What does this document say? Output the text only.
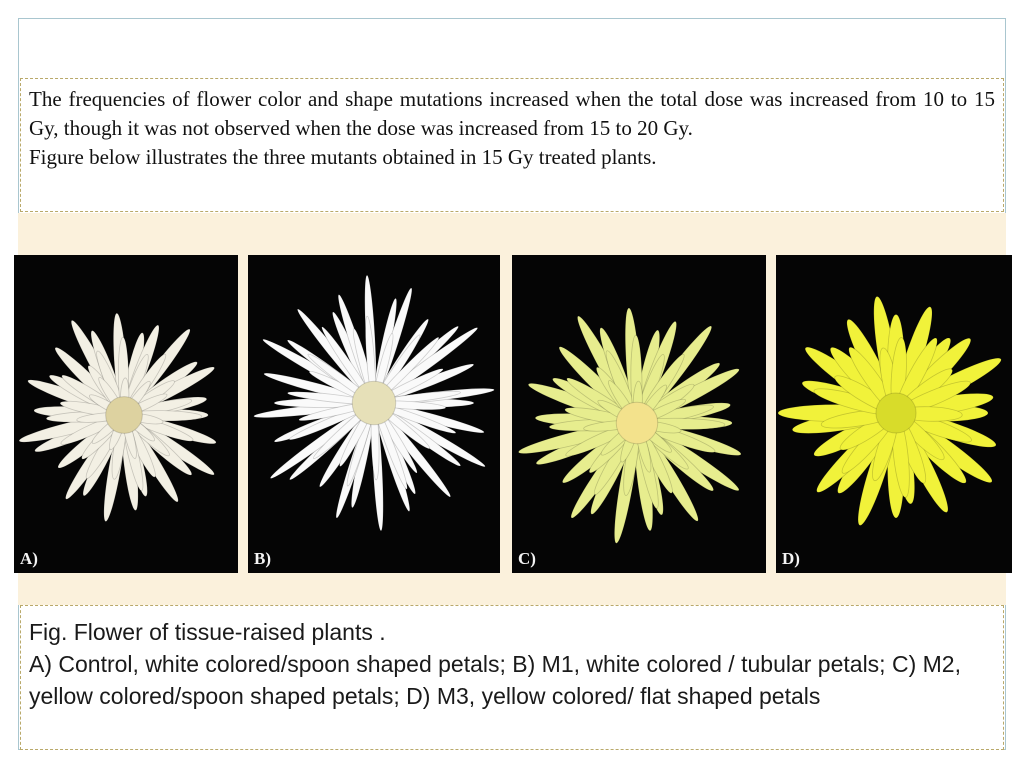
The frequencies of flower color and shape mutations increased when the total dose was increased from 10 to 15 Gy, though it was not observed when the dose was increased from 15 to 20 Gy.

Figure below illustrates the three mutants obtained in 15 Gy treated plants.

A)	B)	C)	D)

Fig. Flower of tissue-raised plants .

A) Control, white colored/spoon shaped petals; B) M1, white colored / tubular petals; C) M2, yellow colored/spoon shaped petals; D) M3, yellow colored/ flat shaped petals
